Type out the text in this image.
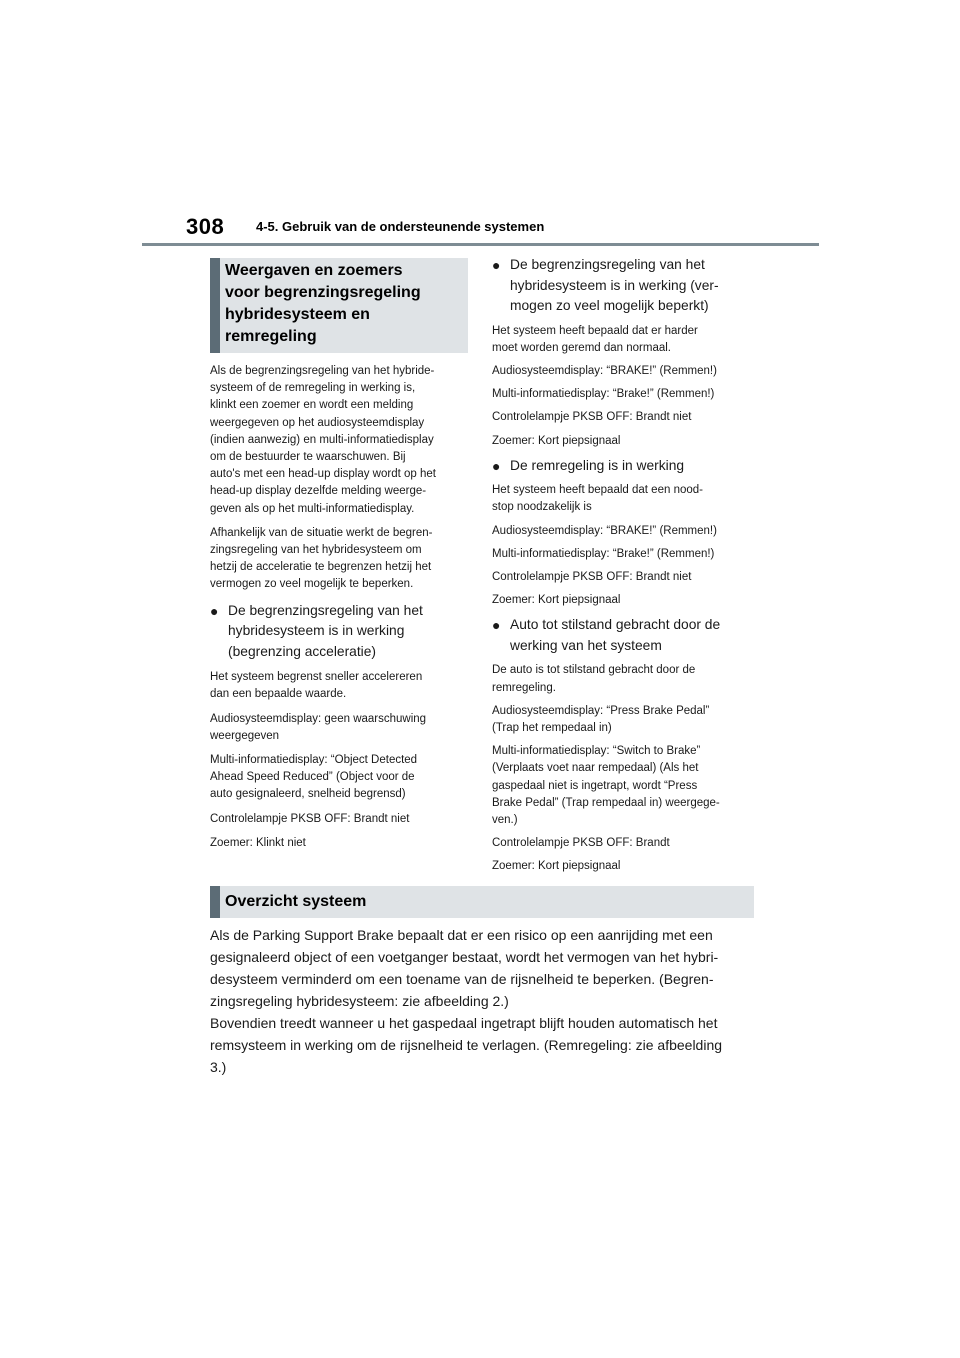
308 4-5. Gebruik van de ondersteunende systemen
Weergaven en zoemers
voor begrenzingsregeling
hybridesysteem en
remregeling

Als de begrenzingsregeling van het hybride-
systeem of de remregeling in werking is,
klinkt een zoemer en wordt een melding
weergegeven op het audiosysteemdisplay
(indien aanwezig) en multi-informatiedisplay
om de bestuurder te waarschuwen. Bij
auto's met een head-up display wordt op het
head-up display dezelfde melding weerge-
geven als op het multi-informatiedisplay.

Afhankelijk van de situatie werkt de begren-
zingsregeling van het hybridesysteem om
hetzij de acceleratie te begrenzen hetzij het
vermogen zo veel mogelijk te beperken.

● De begrenzingsregeling van het
hybridesysteem is in werking
(begrenzing acceleratie)

Het systeem begrenst sneller accelereren
dan een bepaalde waarde.

Audiosysteemdisplay: geen waarschuwing
weergegeven

Multi-informatiedisplay: “Object Detected
Ahead Speed Reduced” (Object voor de
auto gesignaleerd, snelheid begrensd)

Controlelampje PKSB OFF: Brandt niet

Zoemer: Klinkt niet

● De begrenzingsregeling van het
hybridesysteem is in werking (ver-
mogen zo veel mogelijk beperkt)

Het systeem heeft bepaald dat er harder
moet worden geremd dan normaal.

Audiosysteemdisplay: “BRAKE!” (Remmen!)

Multi-informatiedisplay: “Brake!” (Remmen!)

Controlelampje PKSB OFF: Brandt niet

Zoemer: Kort piepsignaal

● De remregeling is in werking

Het systeem heeft bepaald dat een nood-
stop noodzakelijk is

Audiosysteemdisplay: “BRAKE!” (Remmen!)

Multi-informatiedisplay: “Brake!” (Remmen!)

Controlelampje PKSB OFF: Brandt niet

Zoemer: Kort piepsignaal

● Auto tot stilstand gebracht door de
werking van het systeem

De auto is tot stilstand gebracht door de
remregeling.

Audiosysteemdisplay: “Press Brake Pedal”
(Trap het rempedaal in)

Multi-informatiedisplay: “Switch to Brake”
(Verplaats voet naar rempedaal) (Als het
gaspedaal niet is ingetrapt, wordt “Press
Brake Pedal” (Trap rempedaal in) weergege-
ven.)

Controlelampje PKSB OFF: Brandt

Zoemer: Kort piepsignaal

Overzicht systeem
Als de Parking Support Brake bepaalt dat er een risico op een aanrijding met een
gesignaleerd object of een voetganger bestaat, wordt het vermogen van het hybri-
desysteem verminderd om een toename van de rijsnelheid te beperken. (Begren-
zingsregeling hybridesysteem: zie afbeelding 2.)
Bovendien treedt wanneer u het gaspedaal ingetrapt blijft houden automatisch het
remsysteem in werking om de rijsnelheid te verlagen. (Remregeling: zie afbeelding
3.)
